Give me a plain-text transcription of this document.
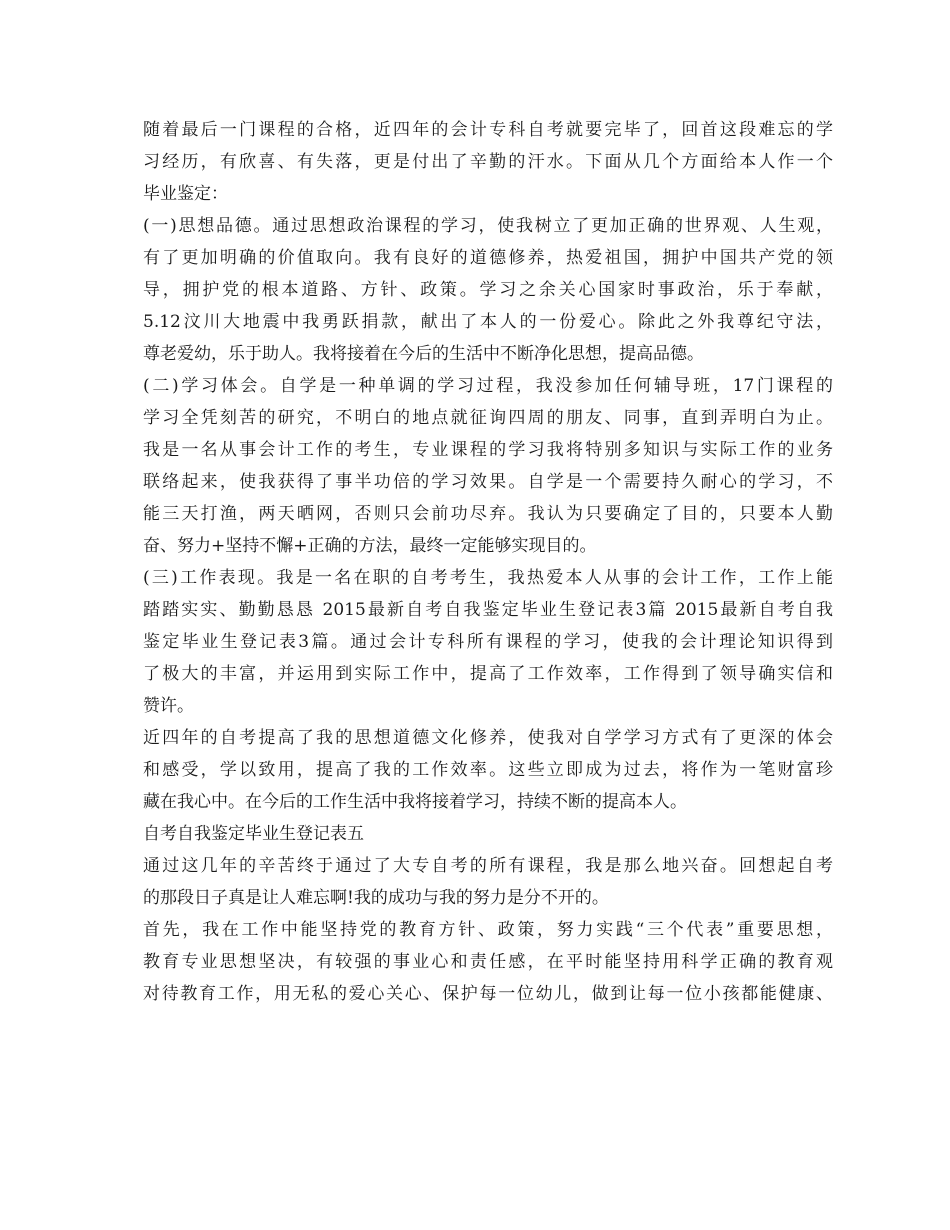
随着最后一门课程的合格，近四年的会计专科自考就要完毕了，回首这段难忘的学
习经历，有欣喜、有失落，更是付出了辛勤的汗水。下面从几个方面给本人作一个
毕业鉴定：
(一)思想品德。通过思想政治课程的学习，使我树立了更加正确的世界观、人生观，
有了更加明确的价值取向。我有良好的道德修养，热爱祖国，拥护中国共产党的领
导，拥护党的根本道路、方针、政策。学习之余关心国家时事政治，乐于奉献，
5.12汶川大地震中我勇跃捐款，献出了本人的一份爱心。除此之外我尊纪守法，
尊老爱幼，乐于助人。我将接着在今后的生活中不断净化思想，提高品德。
(二)学习体会。自学是一种单调的学习过程，我没参加任何辅导班，17门课程的
学习全凭刻苦的研究，不明白的地点就征询四周的朋友、同事，直到弄明白为止。
我是一名从事会计工作的考生，专业课程的学习我将特别多知识与实际工作的业务
联络起来，使我获得了事半功倍的学习效果。自学是一个需要持久耐心的学习，不
能三天打渔，两天晒网，否则只会前功尽弃。我认为只要确定了目的，只要本人勤
奋、努力+坚持不懈+正确的方法，最终一定能够实现目的。
(三)工作表现。我是一名在职的自考考生，我热爱本人从事的会计工作，工作上能
踏踏实实、勤勤恳恳 2015最新自考自我鉴定毕业生登记表3篇 2015最新自考自我
鉴定毕业生登记表3篇。通过会计专科所有课程的学习，使我的会计理论知识得到
了极大的丰富，并运用到实际工作中，提高了工作效率，工作得到了领导确实信和
赞许。
近四年的自考提高了我的思想道德文化修养，使我对自学学习方式有了更深的体会
和感受，学以致用，提高了我的工作效率。这些立即成为过去，将作为一笔财富珍
藏在我心中。在今后的工作生活中我将接着学习，持续不断的提高本人。
自考自我鉴定毕业生登记表五
通过这几年的辛苦终于通过了大专自考的所有课程，我是那么地兴奋。回想起自考
的那段日子真是让人难忘啊!我的成功与我的努力是分不开的。
首先，我在工作中能坚持党的教育方针、政策，努力实践“三个代表”重要思想，
教育专业思想坚决，有较强的事业心和责任感，在平时能坚持用科学正确的教育观
对待教育工作，用无私的爱心关心、保护每一位幼儿，做到让每一位小孩都能健康、
